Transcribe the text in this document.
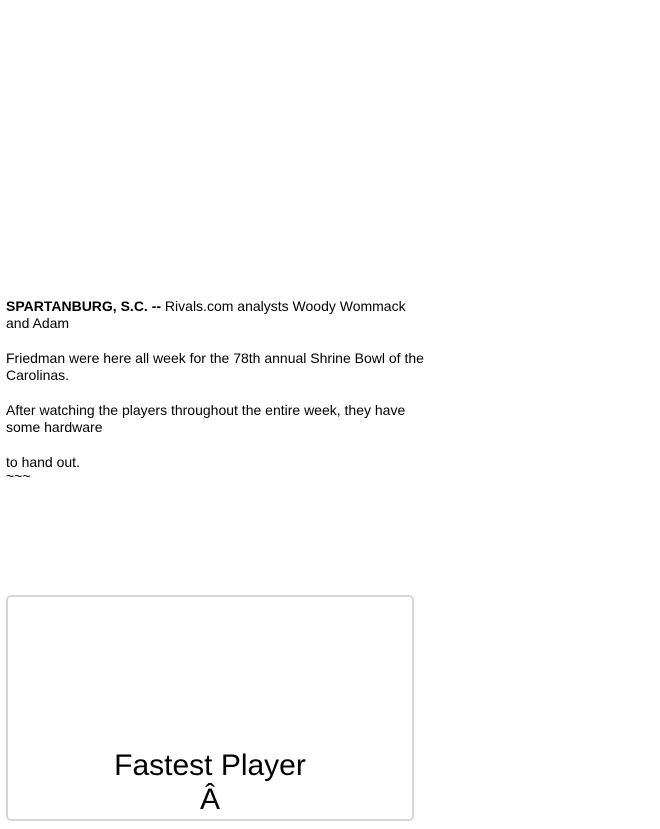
SPARTANBURG, S.C. -- Rivals.com analysts Woody Wommack and Adam

Friedman were here all week for the 78th annual Shrine Bowl of the Carolinas.

After watching the players throughout the entire week, they have some hardware

to hand out.

~~~

Fastest Player
Â
